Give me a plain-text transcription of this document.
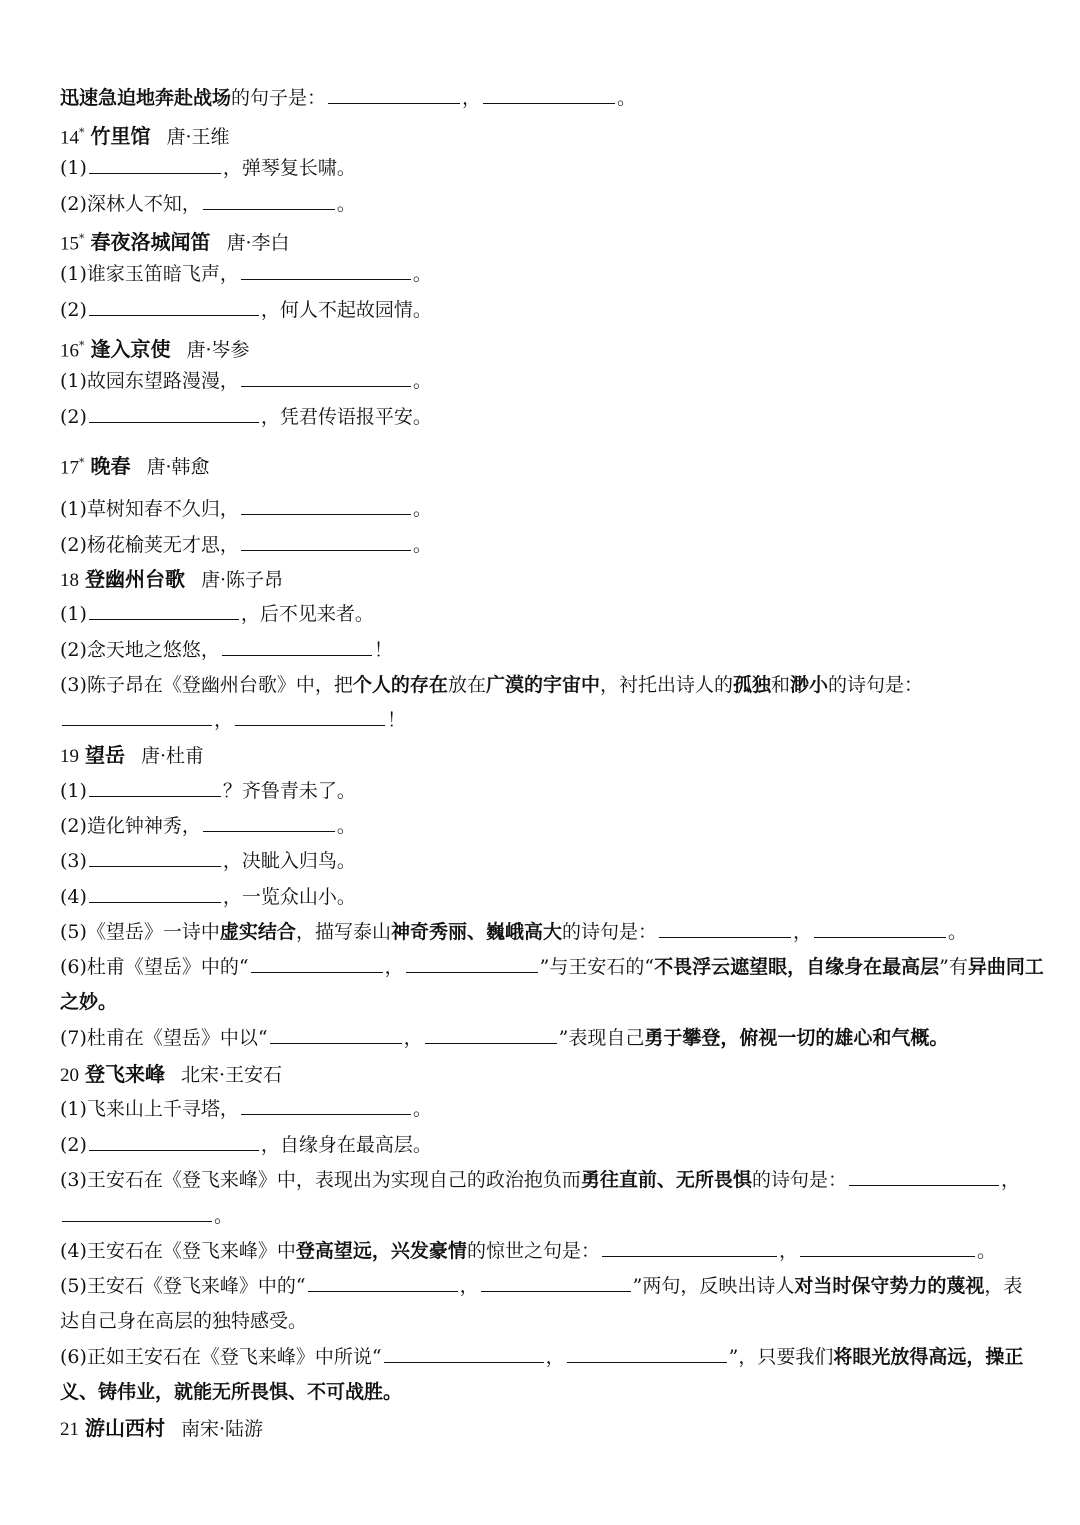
迅速急迫地奔赴战场的句子是：	，	。
14* 竹里馆 唐·王维
(1)	，弹琴复长啸。
(2)深林人不知，	。
15* 春夜洛城闻笛 唐·李白
(1)谁家玉笛暗飞声，	。
(2)	，何人不起故园情。
16* 逢入京使 唐·岑参
(1)故园东望路漫漫，	。
(2)	，凭君传语报平安。
17* 晚春 唐·韩愈
(1)草树知春不久归，	。
(2)杨花榆荚无才思，	。
18 登幽州台歌 唐·陈子昂
(1)	，后不见来者。
(2)念天地之悠悠，	！
(3)陈子昂在《登幽州台歌》中，把个人的存在放在广漠的宇宙中，衬托出诗人的孤独和渺小的诗句是：
，	！
19 望岳 唐·杜甫
(1)	？齐鲁青未了。
(2)造化钟神秀，	。
(3)	，决眦入归鸟。
(4)	，一览众山小。
(5)《望岳》一诗中虚实结合，描写泰山神奇秀丽、巍峨高大的诗句是：	，	。
(6)杜甫《望岳》中的“	，	”与王安石的“不畏浮云遮望眼，自缘身在最高层”有异曲同工
之妙。
(7)杜甫在《望岳》中以“	，	”表现自己勇于攀登，俯视一切的雄心和气概。
20 登飞来峰 北宋·王安石
(1)飞来山上千寻塔，	。
(2)	，自缘身在最高层。
(3)王安石在《登飞来峰》中，表现出为实现自己的政治抱负而勇往直前、无所畏惧的诗句是：	，
。
(4)王安石在《登飞来峰》中登高望远，兴发豪情的惊世之句是：	，	。
(5)王安石《登飞来峰》中的“	，	”两句，反映出诗人对当时保守势力的蔑视，表
达自己身在高层的独特感受。
(6)正如王安石在《登飞来峰》中所说“	，	”，只要我们将眼光放得高远，操正
义、铸伟业，就能无所畏惧、不可战胜。
21 游山西村 南宋·陆游
